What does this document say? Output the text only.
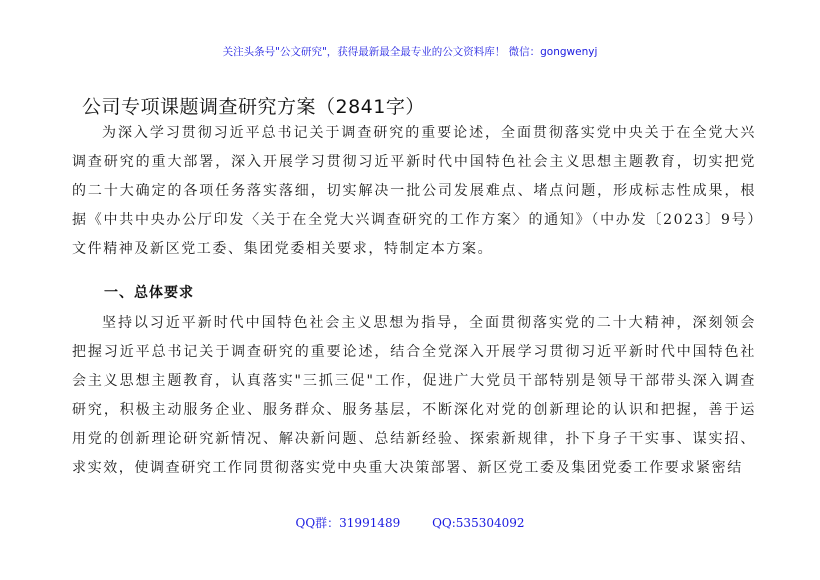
关注头条号"公文研究"，获得最新最全最专业的公文资料库！ 微信：gongwenyj
公司专项课题调查研究方案（2841字）
为深入学习贯彻习近平总书记关于调查研究的重要论述，全面贯彻落实党中央关于在全党大兴调查研究的重大部署，深入开展学习贯彻习近平新时代中国特色社会主义思想主题教育，切实把党的二十大确定的各项任务落实落细，切实解决一批公司发展难点、堵点问题，形成标志性成果，根据《中共中央办公厅印发〈关于在全党大兴调查研究的工作方案〉的通知》（中办发〔2023〕9号）文件精神及新区党工委、集团党委相关要求，特制定本方案。
一、总体要求
坚持以习近平新时代中国特色社会主义思想为指导，全面贯彻落实党的二十大精神，深刻领会把握习近平总书记关于调查研究的重要论述，结合全党深入开展学习贯彻习近平新时代中国特色社会主义思想主题教育，认真落实"三抓三促"工作，促进广大党员干部特别是领导干部带头深入调查研究，积极主动服务企业、服务群众、服务基层，不断深化对党的创新理论的认识和把握，善于运用党的创新理论研究新情况、解决新问题、总结新经验、探索新规律，扑下身子干实事、谋实招、求实效，使调查研究工作同贯彻落实党中央重大决策部署、新区党工委及集团党委工作要求紧密结
QQ群：31991489	QQ:535304092
